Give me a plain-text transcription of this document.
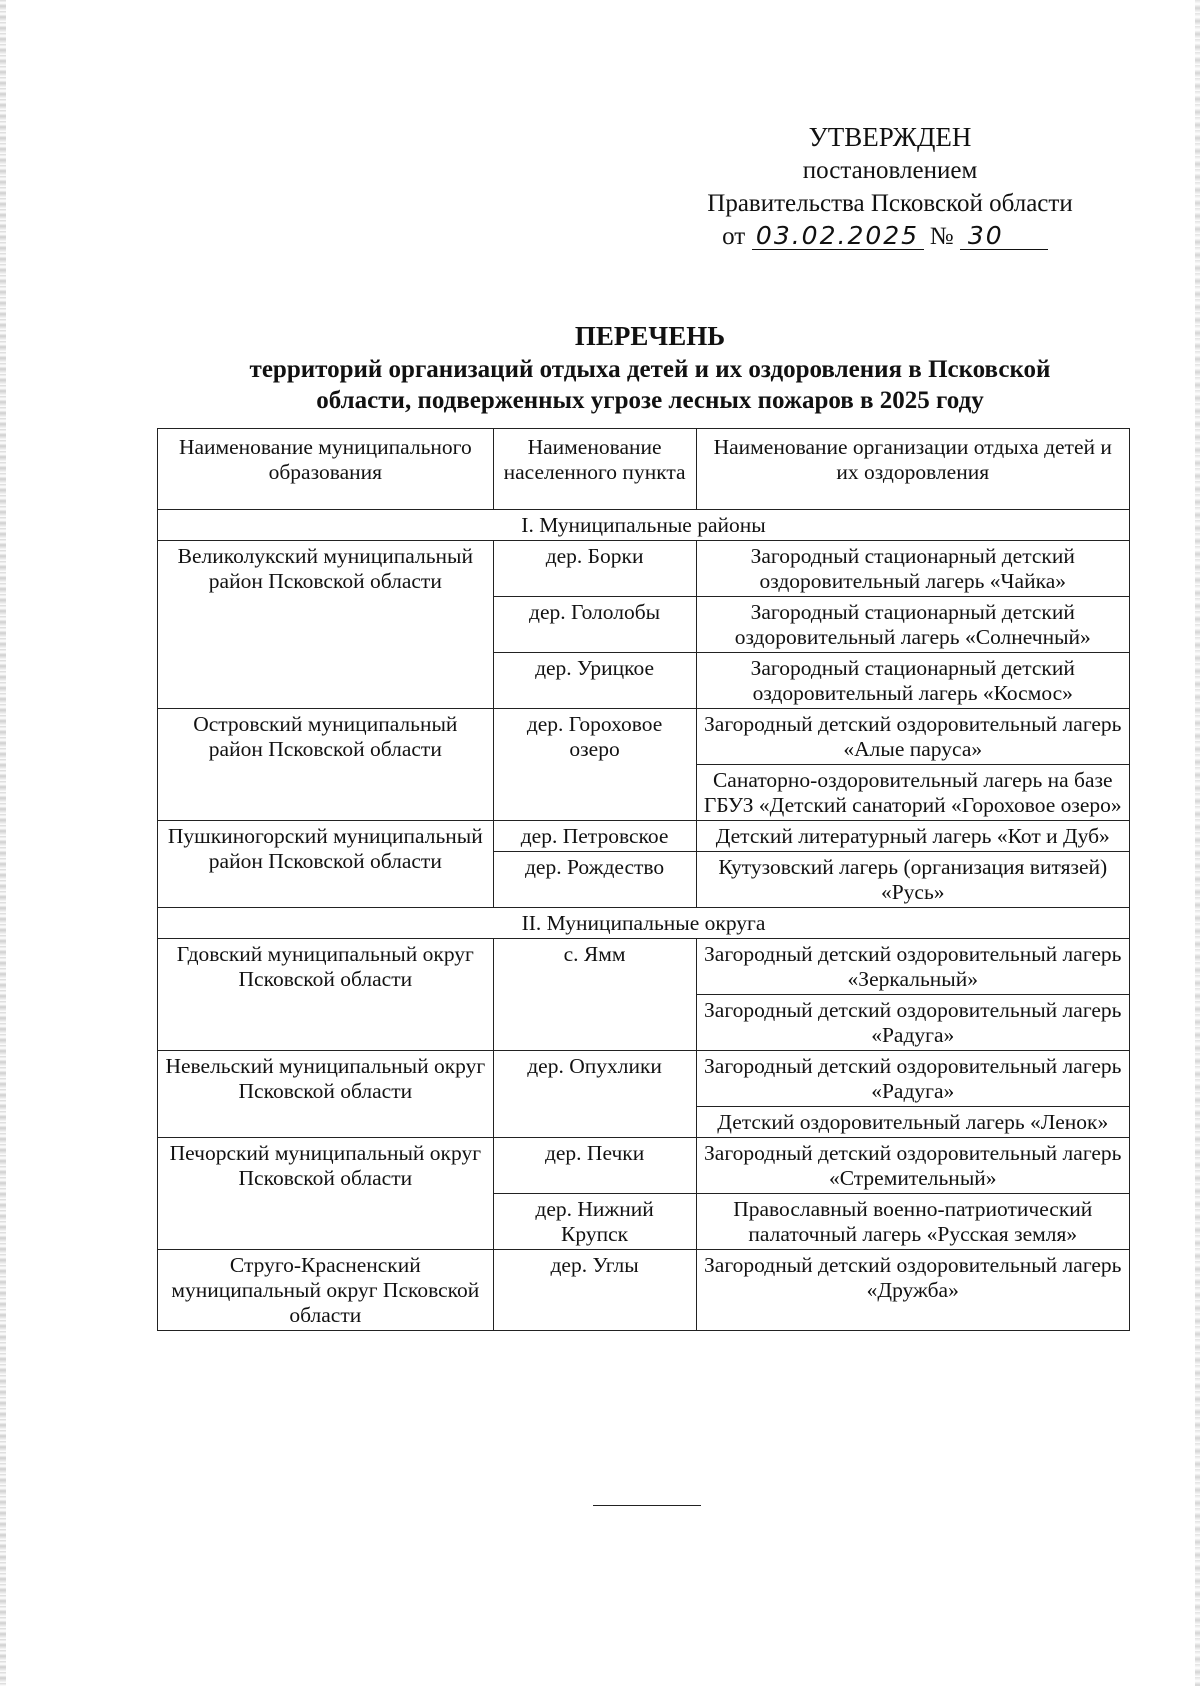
УТВЕРЖДЕН
постановлением
Правительства Псковской области
от 03.02.2025 № 30
ПЕРЕЧЕНЬ
территорий организаций отдыха детей и их оздоровления в Псковской
области, подверженных угрозе лесных пожаров в 2025 году
Наименование муниципального образования	Наименование населенного пункта	Наименование организации отдыха детей и их оздоровления
I. Муниципальные районы		
Великолукский муниципальный район Псковской области	дер. Борки	Загородный стационарный детский оздоровительный лагерь «Чайка»
	дер. Гололобы	Загородный стационарный детский оздоровительный лагерь «Солнечный»
	дер. Урицкое	Загородный стационарный детский оздоровительный лагерь «Космос»
Островский муниципальный район Псковской области	дер. Гороховое озеро	Загородный детский оздоровительный лагерь «Алые паруса»
		Санаторно-оздоровительный лагерь на базе ГБУЗ «Детский санаторий «Гороховое озеро»
Пушкиногорский муниципальный район Псковской области	дер. Петровское	Детский литературный лагерь «Кот и Дуб»
	дер. Рождество	Кутузовский лагерь (организация витязей) «Русь»
II. Муниципальные округа		
Гдовский муниципальный округ Псковской области	с. Ямм	Загородный детский оздоровительный лагерь «Зеркальный»
		Загородный детский оздоровительный лагерь «Радуга»
Невельский муниципальный округ Псковской области	дер. Опухлики	Загородный детский оздоровительный лагерь «Радуга»
		Детский оздоровительный лагерь «Ленок»
Печорский муниципальный округ Псковской области	дер. Печки	Загородный детский оздоровительный лагерь «Стремительный»
	дер. Нижний Крупск	Православный военно-патриотический палаточный лагерь «Русская земля»
Струго-Красненский муниципальный округ Псковской области	дер. Углы	Загородный детский оздоровительный лагерь «Дружба»
